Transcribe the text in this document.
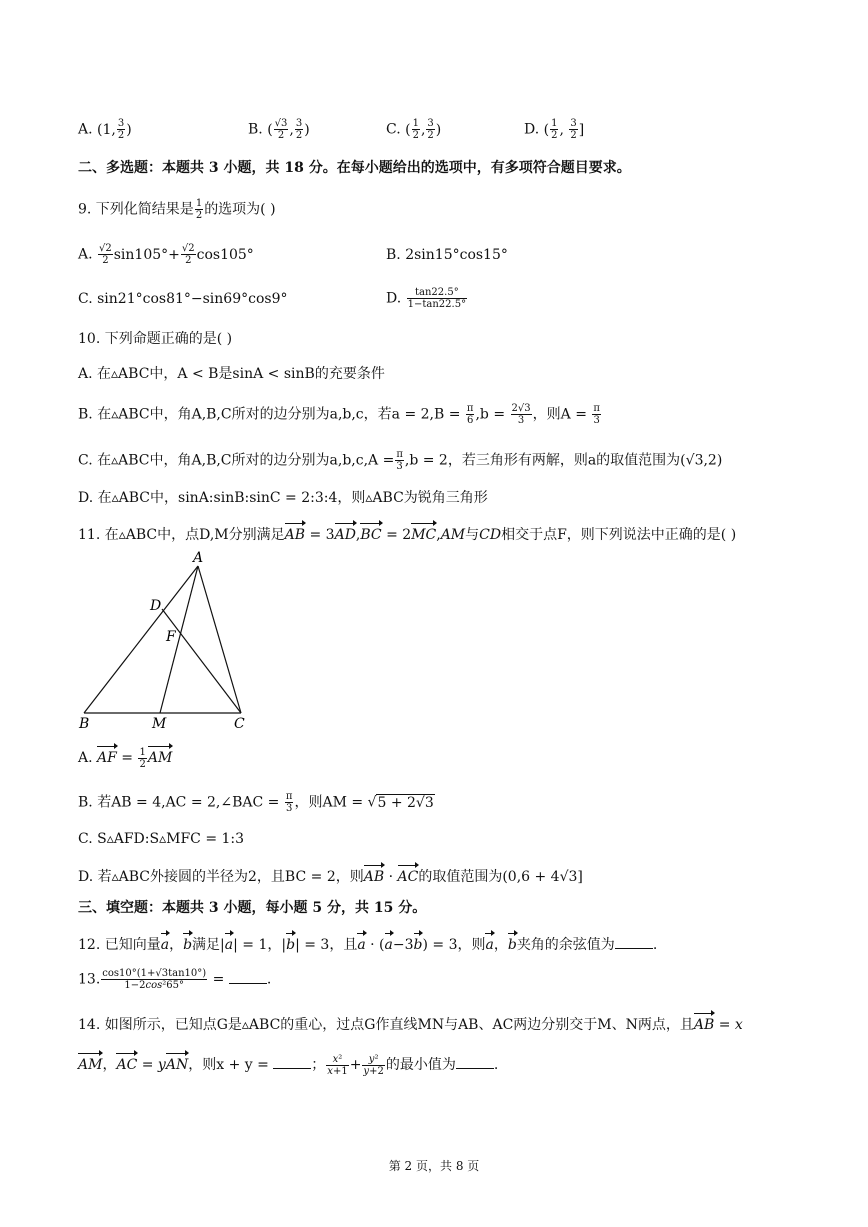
A. (1, $\frac{3}{2}$ )	B. ( $\frac{√3}{2}$ , $\frac{3}{2}$ )	C. ( $\frac{1}{2}$ , $\frac{3}{2}$ )	D. ( $\frac{1}{2}$ , $\frac{3}{2}$ ]
二、多选题：本题共 3 小题，共 18 分。在每小题给出的选项中，有多项符合题目要求。
9. 下列化简结果是 $\frac{1}{2}$ 的选项为( )
A. $\frac{√2}{2} \sin 105^\circ+ \frac{√2}{2} \cos 105^\circ$	B. 2sin15°cos15°
C. sin21°cos81°−sin69°cos9°	D. $\frac{\tan 22.5^\circ}{1-\tan 22.5^\circ}$
10. 下列命题正确的是( )
A. 在▵ABC中，A < B是sinA < sinB的充要条件
B. 在▵ABC中，角A,B,C所对的边分别为a,b,c，若$a = 2,B = \frac{\pi}{6} ,b = \frac{2√3}{3}$ ，则$A = \frac{\pi}{3}$
C. 在▵ABC中，角A,B,C所对的边分别为$a,b,c,A = \frac{\pi}{3} ,b = 2$，若三角形有两解，则a的取值范围为(√3,2)
D. 在▵ABC中，sinA:sinB:sinC = 2:3:4，则▵ABC为锐角三角形
11. 在▵ABC中，点D,M分别满足AB = 3AD,BC = 2MC,AM与CD相交于点F，则下列说法中正确的是( )
A
B	C
D
M
F
A. AF = $\frac{1}{2}$ AM
B. 若AB = 4,AC = 2,∠BAC = $\frac{\pi}{3}$ ，则AM = √5 + 2√3
C. S▵AFD:S▵MFC = 1:3
D. 若▵ABC外接圆的半径为2，且BC = 2，则AB · AC的取值范围为(0,6 + 4√3]
三、填空题：本题共 3 小题，每小题 5 分，共 15 分。
12. 已知向量a，b满足|a| = 1，|b| = 3，且a · (a−3b) = 3，则a，b夹角的余弦值为	.
13. $\frac{\cos 10^\circ(1+√3\tan 10^\circ)}{\text{1−2cos²65°}}$ =	.
14. 如图所示，已知点G是▵ABC的重心，过点G作直线MN与AB、AC两边分别交于M、N两点，且AB = x
AM，AC = yAN，则x + y =	； $\frac{\text{x²}}{x+1} + \frac{\text{y²}}{y+2}$ 的最小值为	.
第 2 页，共 8 页
